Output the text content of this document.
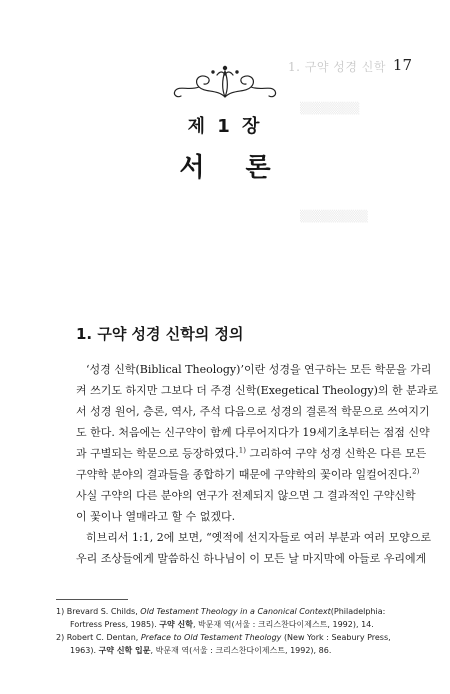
▒▒▒▒▒▒▒
▒▒▒▒▒▒▒▒
1. 구약 성경 신학 17
제 1 장
서 론
1. 구약 성경 신학의 정의
‘성경 신학(Biblical Theology)’이란 성경을 연구하는 모든 학문을 가리
켜 쓰기도 하지만 그보다 더 주경 신학(Exegetical Theology)의 한 분과로
서 성경 원어, 층론, 역사, 주석 다음으로 성경의 결론적 학문으로 쓰여지기
도 한다. 처음에는 신구약이 함께 다루어지다가 19세기초부터는 점점 신약
과 구별되는 학문으로 등장하였다.$^{1)}$ 그리하여 구약 성경 신학은 다른 모든
구약학 분야의 결과들을 종합하기 때문에 구약학의 꽃이라 일컬어진다.$^{2)}$
사실 구약의 다른 분야의 연구가 전제되지 않으면 그 결과적인 구약신학
이 꽃이나 열매라고 할 수 없겠다.
히브리서 1:1, 2에 보면, “옛적에 선지자들로 여러 부분과 여러 모양으로
우리 조상들에게 말씀하신 하나님이 이 모든 날 마지막에 아들로 우리에게
1) Brevard S. Childs, Old Testament Theology in a Canonical Context(Philadelphia:
Fortress Press, 1985). 구약 신학, 박문재 역(서울 : 크리스찬다이제스트, 1992), 14.
2) Robert C. Dentan, Preface to Old Testament Theology (New York : Seabury Press,
1963). 구약 신학 입문, 박문재 역(서울 : 크리스찬다이제스트, 1992), 86.
